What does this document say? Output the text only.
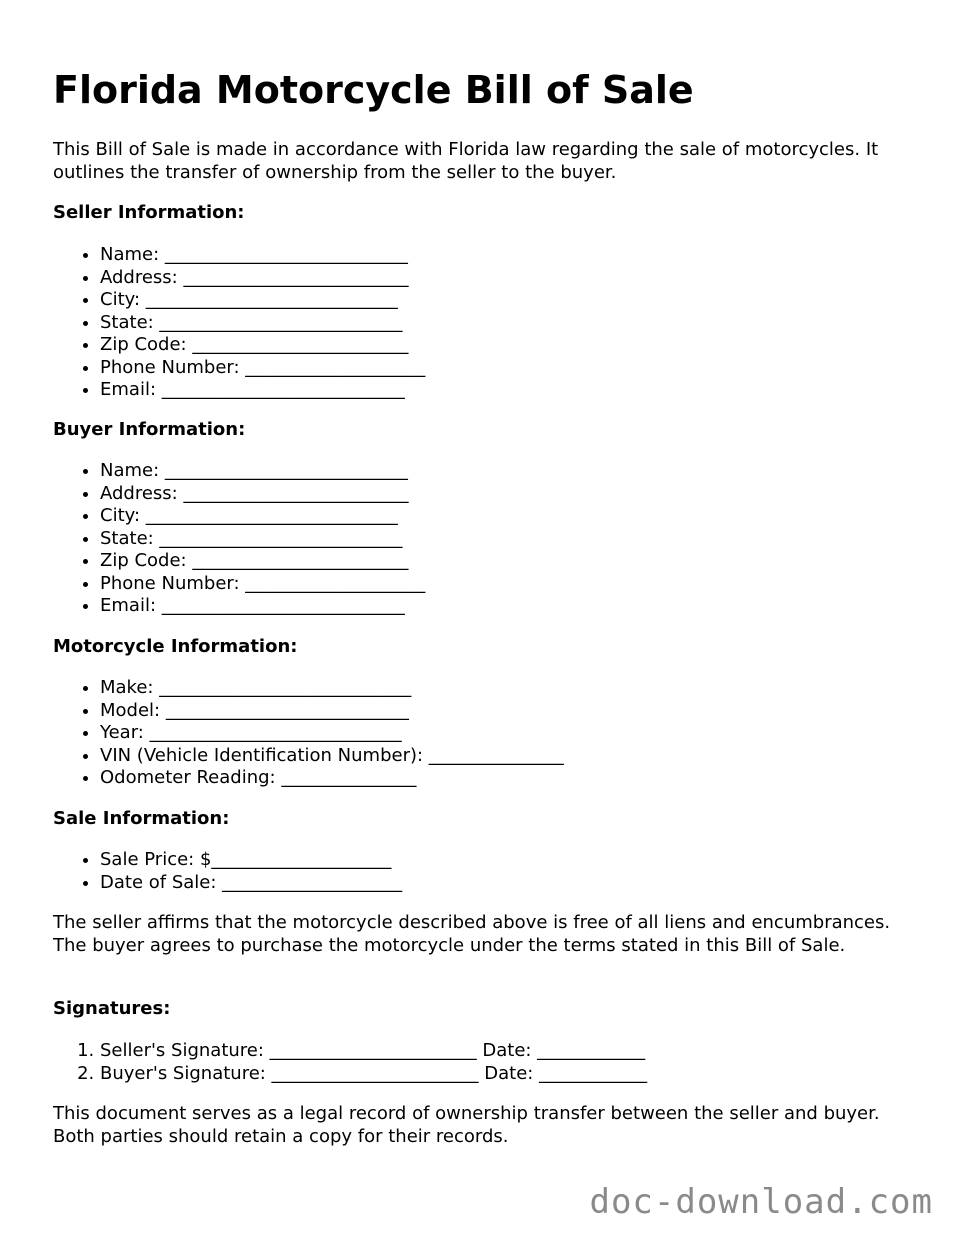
Florida Motorcycle Bill of Sale

This Bill of Sale is made in accordance with Florida law regarding the sale of motorcycles. It outlines the transfer of ownership from the seller to the buyer.

Seller Information:
• Name: ___________________________
• Address: _________________________
• City: ____________________________
• State: ___________________________
• Zip Code: ________________________
• Phone Number: ____________________
• Email: ___________________________
Buyer Information:
• Name: ___________________________
• Address: _________________________
• City: ____________________________
• State: ___________________________
• Zip Code: ________________________
• Phone Number: ____________________
• Email: ___________________________
Motorcycle Information:
• Make: ____________________________
• Model: ___________________________
• Year: ____________________________
• VIN (Vehicle Identification Number): _______________
• Odometer Reading: _______________
Sale Information:
• Sale Price: $____________________
• Date of Sale: ____________________

The seller affirms that the motorcycle described above is free of all liens and encumbrances. The buyer agrees to purchase the motorcycle under the terms stated in this Bill of Sale.

Signatures:
1. Seller's Signature: _______________________ Date: ____________
2. Buyer's Signature: _______________________ Date: ____________

This document serves as a legal record of ownership transfer between the seller and buyer. Both parties should retain a copy for their records.

doc-download.com
